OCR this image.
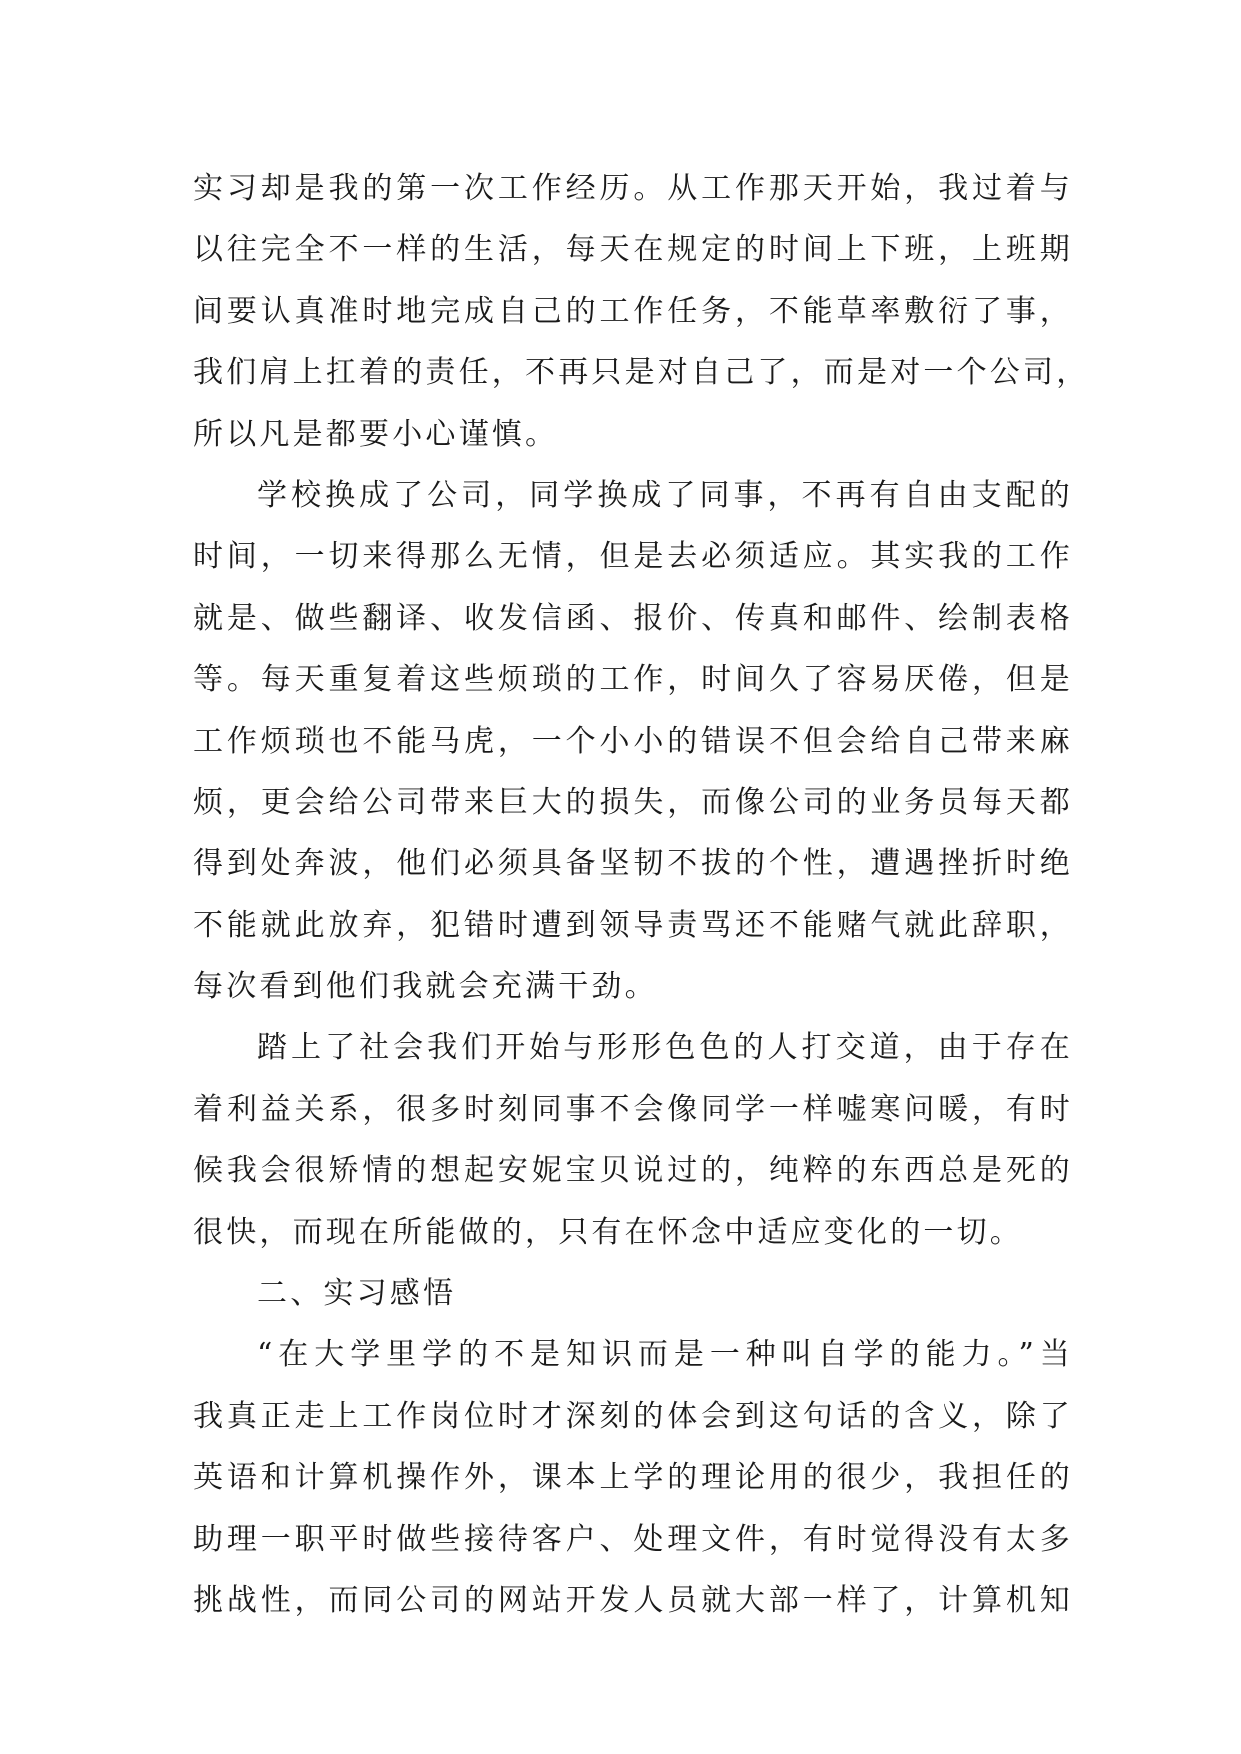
实习却是我的第一次工作经历。从工作那天开始，我过着与
以往完全不一样的生活，每天在规定的时间上下班，上班期
间要认真准时地完成自己的工作任务，不能草率敷衍了事，
我们肩上扛着的责任，不再只是对自己了，而是对一个公司，
所以凡是都要小心谨慎。
学校换成了公司，同学换成了同事，不再有自由支配的
时间，一切来得那么无情，但是去必须适应。其实我的工作
就是、做些翻译、收发信函、报价、传真和邮件、绘制表格
等。每天重复着这些烦琐的工作，时间久了容易厌倦，但是
工作烦琐也不能马虎，一个小小的错误不但会给自己带来麻
烦，更会给公司带来巨大的损失，而像公司的业务员每天都
得到处奔波，他们必须具备坚韧不拔的个性，遭遇挫折时绝
不能就此放弃，犯错时遭到领导责骂还不能赌气就此辞职，
每次看到他们我就会充满干劲。
踏上了社会我们开始与形形色色的人打交道，由于存在
着利益关系，很多时刻同事不会像同学一样嘘寒问暖，有时
候我会很矫情的想起安妮宝贝说过的，纯粹的东西总是死的
很快，而现在所能做的，只有在怀念中适应变化的一切。
二、实习感悟
“在大学里学的不是知识而是一种叫自学的能力。”当
我真正走上工作岗位时才深刻的体会到这句话的含义，除了
英语和计算机操作外，课本上学的理论用的很少，我担任的
助理一职平时做些接待客户、处理文件，有时觉得没有太多
挑战性，而同公司的网站开发人员就大部一样了，计算机知
